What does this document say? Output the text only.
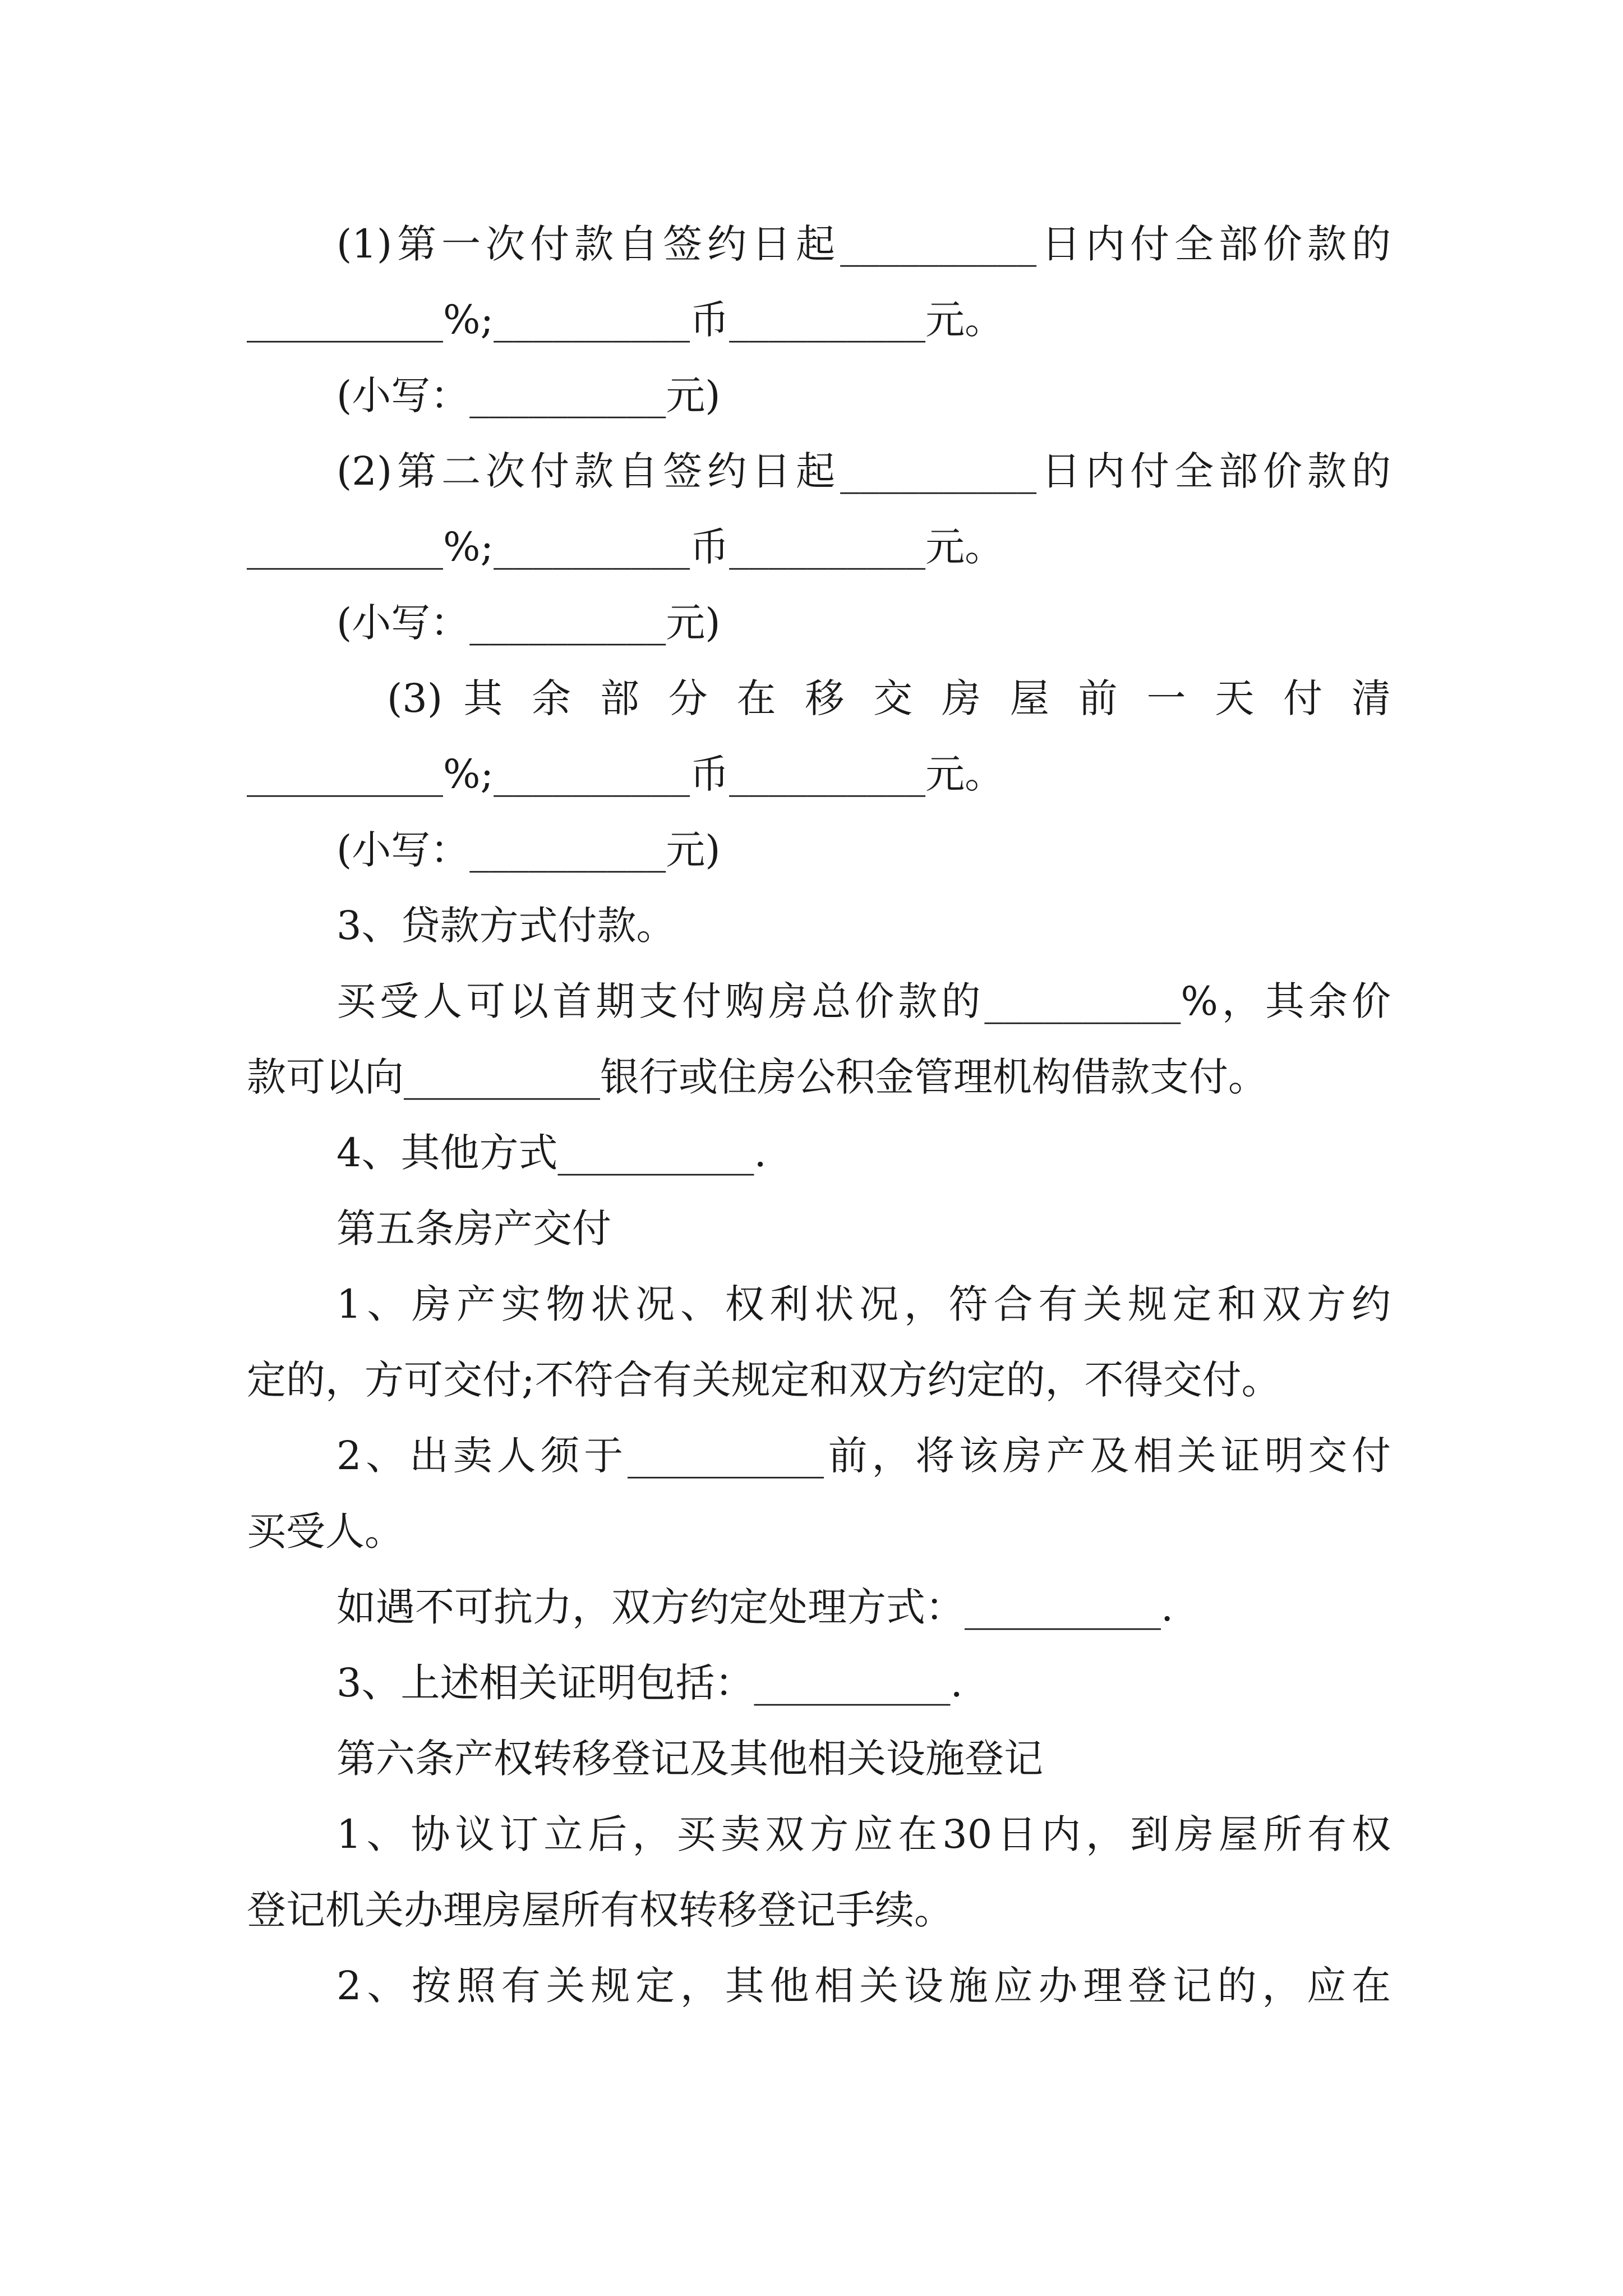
(1)第一次付款自签约日起__________日内付全部价款的
__________%;__________币__________元。
(小写：__________元)
(2)第二次付款自签约日起__________日内付全部价款的
__________%;__________币__________元。
(小写：__________元)
(3) 其 余 部 分 在 移 交 房 屋 前 一 天 付 清
__________%;__________币__________元。
(小写：__________元)
3、贷款方式付款。
买受人可以首期支付购房总价款的__________%，其余价
款可以向__________银行或住房公积金管理机构借款支付。
4、其他方式__________.
第五条房产交付
1、房产实物状况、权利状况，符合有关规定和双方约
定的，方可交付;不符合有关规定和双方约定的，不得交付。
2、出卖人须于__________前，将该房产及相关证明交付
买受人。
如遇不可抗力，双方约定处理方式：__________.
3、上述相关证明包括：__________.
第六条产权转移登记及其他相关设施登记
1、协议订立后，买卖双方应在30日内，到房屋所有权
登记机关办理房屋所有权转移登记手续。
2、按照有关规定，其他相关设施应办理登记的，应在
